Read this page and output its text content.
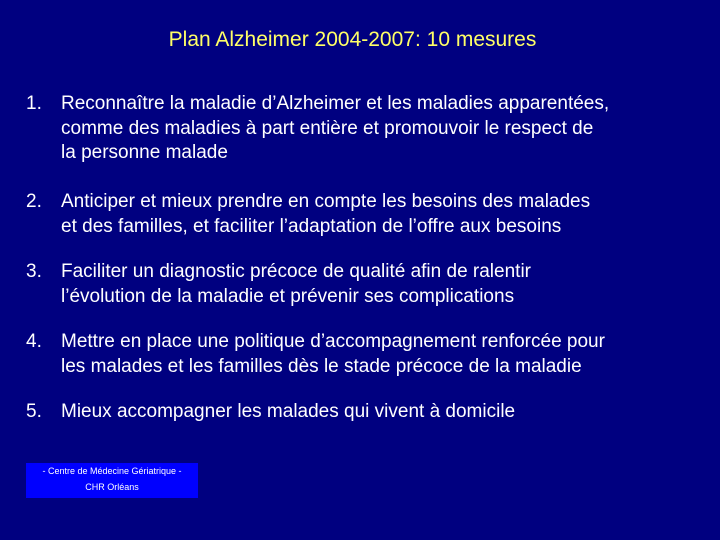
Plan Alzheimer 2004-2007: 10 mesures
1.	Reconnaître la maladie d’Alzheimer et les maladies apparentées,
comme des maladies à part entière et promouvoir le respect de
la personne malade
2.	Anticiper et mieux prendre en compte les besoins des malades
et des familles, et faciliter l’adaptation de l’offre aux besoins
3.	Faciliter un diagnostic précoce de qualité afin de ralentir
l’évolution de la maladie et prévenir ses complications
4.	Mettre en place une politique d’accompagnement renforcée pour
les malades et les familles dès le stade précoce de la maladie
5.	Mieux accompagner les malades qui vivent à domicile
- Centre de Médecine Gériatrique -
CHR Orléans
